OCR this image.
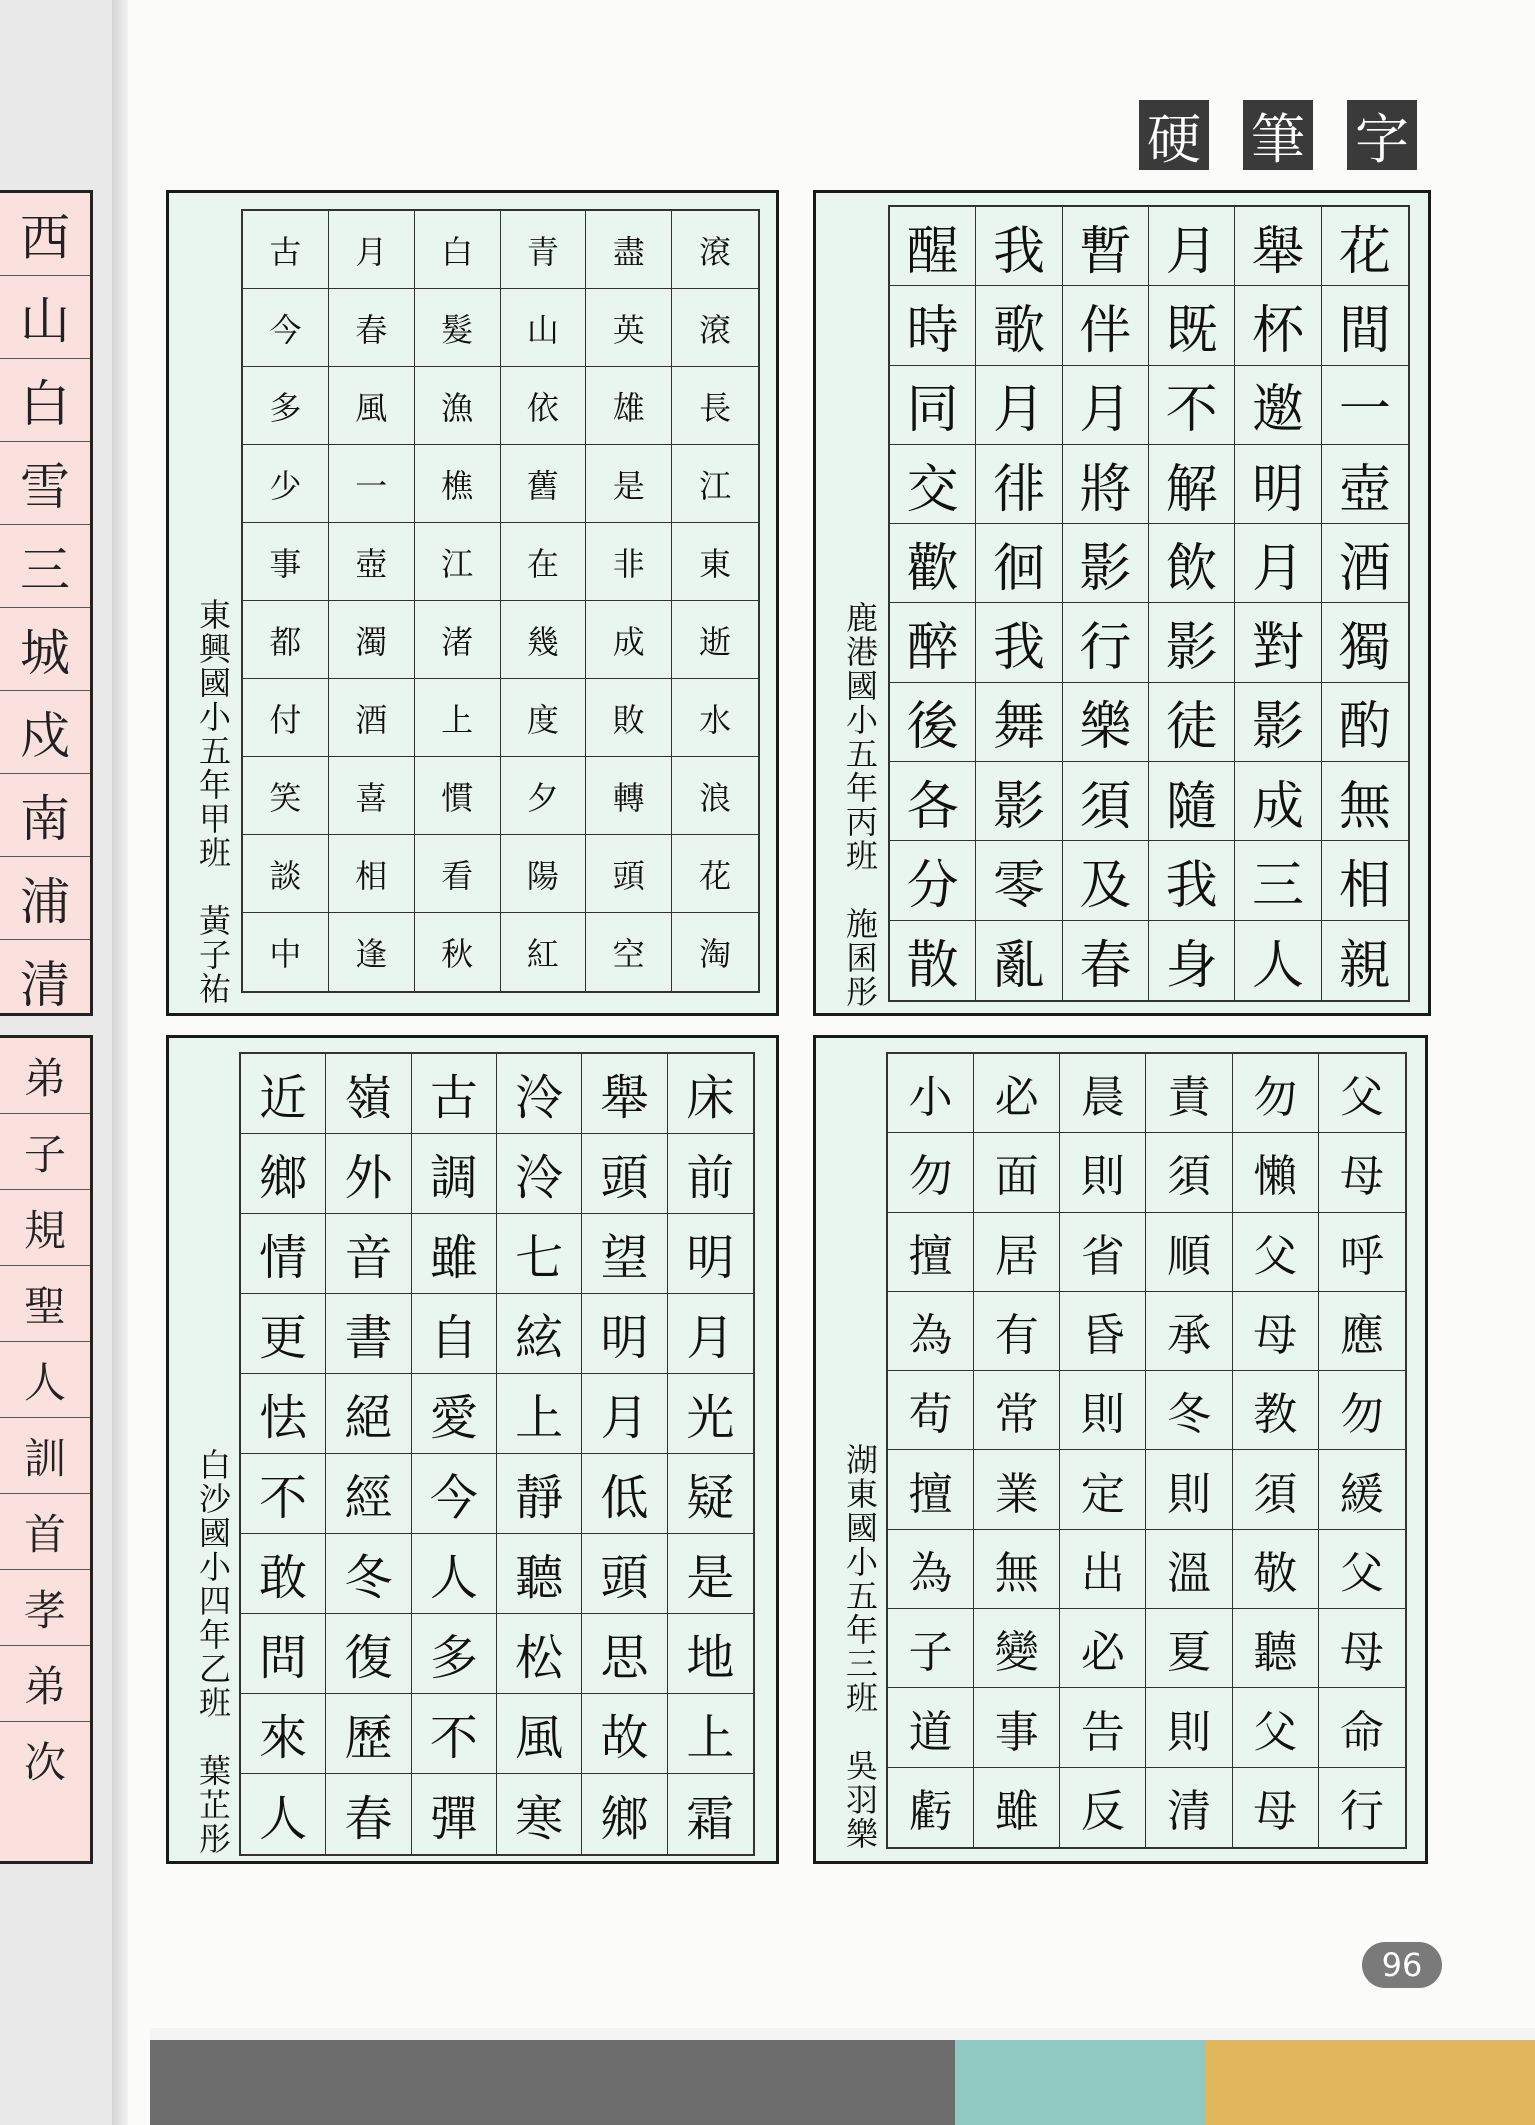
西
山
白
雪
三
城
戍
南
浦
清
弟
子
規
聖
人
訓
首
孝
弟
次
硬 筆 字
東興國小五年甲班　黃子祐
古
今
多
少
事
都
付
笑
談
中
月
春
風
一
壺
濁
酒
喜
相
逢
白
髮
漁
樵
江
渚
上
慣
看
秋
青
山
依
舊
在
幾
度
夕
陽
紅
盡
英
雄
是
非
成
敗
轉
頭
空
滾
滾
長
江
東
逝
水
浪
花
淘	鹿港國小五年丙班　施囷彤
醒
時
同
交
歡
醉
後
各
分
散
我
歌
月
徘
徊
我
舞
影
零
亂
暫
伴
月
將
影
行
樂
須
及
春
月
既
不
解
飲
影
徒
隨
我
身
舉
杯
邀
明
月
對
影
成
三
人
花
間
一
壺
酒
獨
酌
無
相
親
白沙國小四年乙班　葉芷彤
近
鄉
情
更
怯
不
敢
問
來
人
嶺
外
音
書
絕
經
冬
復
歷
春
古
調
雖
自
愛
今
人
多
不
彈
泠
泠
七
絃
上
靜
聽
松
風
寒
舉
頭
望
明
月
低
頭
思
故
鄉
床
前
明
月
光
疑
是
地
上
霜	湖東國小五年三班　吳羽樂
小
勿
擅
為
苟
擅
為
子
道
虧
必
面
居
有
常
業
無
變
事
雖
晨
則
省
昏
則
定
出
必
告
反
責
須
順
承
冬
則
溫
夏
則
清
勿
懶
父
母
教
須
敬
聽
父
母
父
母
呼
應
勿
緩
父
母
命
行
96
